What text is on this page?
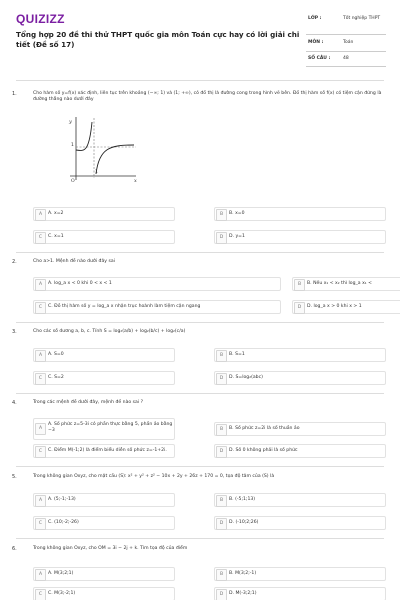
QUIZIZZ
Tổng hợp 20 đề thi thử THPT quốc gia môn Toán cực hay có lời giải chi tiết (Đề số 17)
LỚP :	Tốt nghiệp THPT
MÔN :	Toán
SỐ CÂU :	48
1.	Cho hàm số y=f(x) xác định, liên tục trên khoảng (−∞; 1) và (1; +∞), có đồ thị là đường cong trong hình vẽ bên. Đồ thị hàm số f(x) có tiệm cận đứng là đường thẳng nào dưới đây
y
x
O
1
1
A	A. x=2	B	B. x=0
C	C. x=1	D	D. y=1
2.	Cho a>1. Mệnh đề nào dưới đây sai
A	A. log_a x < 0 khi 0 < x < 1	B	B. Nếu x₁ < x₂ thì log_a x₁ <
C	C. Đồ thị hàm số y = log_a x nhận trục hoành làm tiệm cận ngang	D	D. log_a x > 0 khi x > 1
3.	Cho các số dương a, b, c. Tính S = log₂(a/b) + log₂(b/c) + log₂(c/a)
A	A. S=0	B	B. S=1
C	C. S=2	D	D. S=log₂(abc)
4.	Trong các mệnh đề dưới đây, mệnh đề nào sai ?
A
A. Số phức z=5-3i có phần thực bằng 5, phần ảo bằng −3	B	B. Số phức z=2i là số thuần ảo
C	C. Điểm M(-1;2) là điểm biểu diễn số phức z=-1+2i.	D	D. Số 0 không phải là số phức
5.	Trong không gian Oxyz, cho mặt cầu (S): x² + y² + z² − 10x + 2y + 26z + 170 = 0, tọa độ tâm của (S) là
A	A. (5;-1;-13)	B	B. (-5;1;13)
C	C. (10;-2;-26)	D	D. (-10;2;26)
6.	Trong không gian Oxyz, cho OM = 3i − 2j + k. Tìm tọa độ của điểm
A	A. M(3;2;1)	B	B. M(3;2;-1)
C	C. M(3;-2;1)	D	D. M(-3;2;1)
